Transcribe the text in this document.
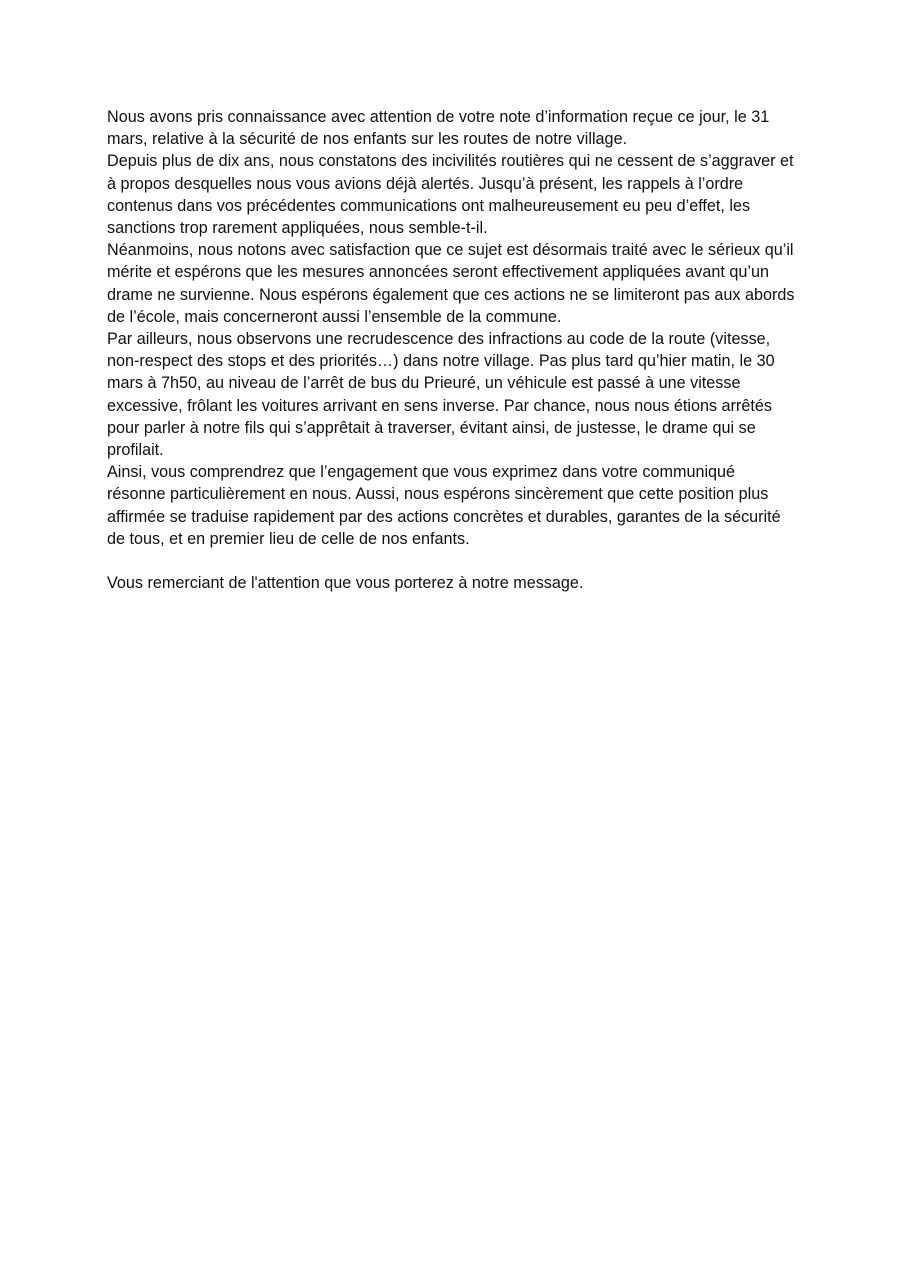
Nous avons pris connaissance avec attention de votre note d’information reçue ce jour, le 31 mars, relative à la sécurité de nos enfants sur les routes de notre village.

Depuis plus de dix ans, nous constatons des incivilités routières qui ne cessent de s’aggraver et à propos desquelles nous vous avions déjà alertés. Jusqu’à présent, les rappels à l’ordre contenus dans vos précédentes communications ont malheureusement eu peu d’effet, les sanctions trop rarement appliquées, nous semble-t-il.

Néanmoins, nous notons avec satisfaction que ce sujet est désormais traité avec le sérieux qu’il mérite et espérons que les mesures annoncées seront effectivement appliquées avant qu’un drame ne survienne. Nous espérons également que ces actions ne se limiteront pas aux abords de l’école, mais concerneront aussi l’ensemble de la commune.

Par ailleurs, nous observons une recrudescence des infractions au code de la route (vitesse, non-respect des stops et des priorités…) dans notre village. Pas plus tard qu’hier matin, le 30 mars à 7h50, au niveau de l’arrêt de bus du Prieuré, un véhicule est passé à une vitesse excessive, frôlant les voitures arrivant en sens inverse. Par chance, nous nous étions arrêtés pour parler à notre fils qui s’apprêtait à traverser, évitant ainsi, de justesse, le drame qui se profilait.

Ainsi, vous comprendrez que l’engagement que vous exprimez dans votre communiqué résonne particulièrement en nous. Aussi, nous espérons sincèrement que cette position plus affirmée se traduise rapidement par des actions concrètes et durables, garantes de la sécurité de tous, et en premier lieu de celle de nos enfants.

Vous remerciant de l'attention que vous porterez à notre message.
